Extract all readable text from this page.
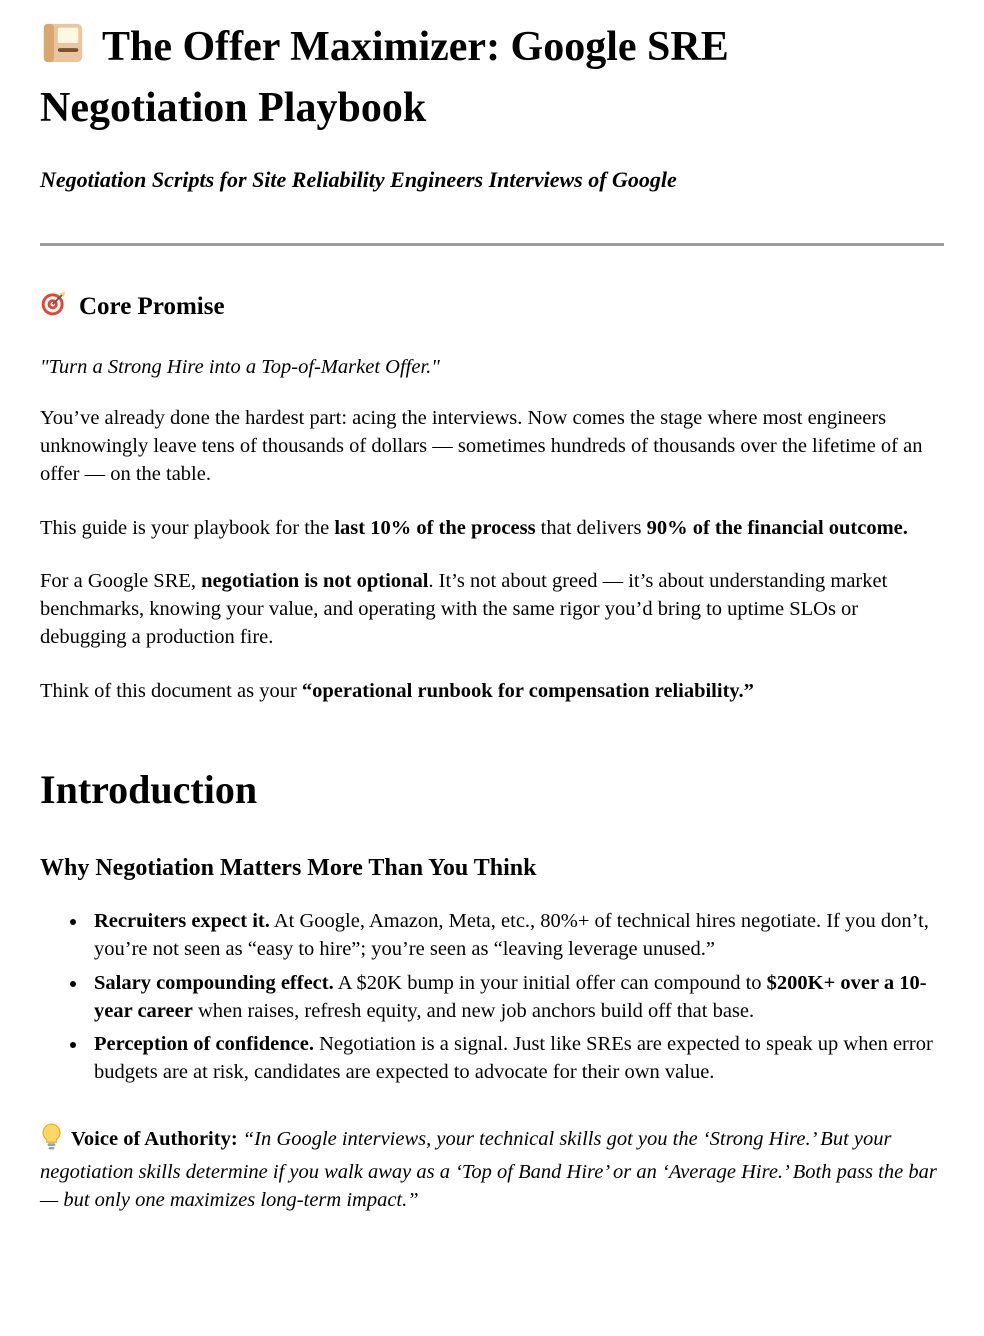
The Offer Maximizer: Google SRE Negotiation Playbook

Negotiation Scripts for Site Reliability Engineers Interviews of Google

Core Promise

"Turn a Strong Hire into a Top-of-Market Offer."

You’ve already done the hardest part: acing the interviews. Now comes the stage where most engineers unknowingly leave tens of thousands of dollars — sometimes hundreds of thousands over the lifetime of an offer — on the table.

This guide is your playbook for the last 10% of the process that delivers 90% of the financial outcome.

For a Google SRE, negotiation is not optional. It’s not about greed — it’s about understanding market benchmarks, knowing your value, and operating with the same rigor you’d bring to uptime SLOs or debugging a production fire.

Think of this document as your “operational runbook for compensation reliability.”

Introduction
Why Negotiation Matters More Than You Think
• Recruiters expect it. At Google, Amazon, Meta, etc., 80%+ of technical hires negotiate. If you don’t, you’re not seen as “easy to hire”; you’re seen as “leaving leverage unused.”
• Salary compounding effect. A $20K bump in your initial offer can compound to $200K+ over a 10-year career when raises, refresh equity, and new job anchors build off that base.
• Perception of confidence. Negotiation is a signal. Just like SREs are expected to speak up when error budgets are at risk, candidates are expected to advocate for their own value.

Voice of Authority: “In Google interviews, your technical skills got you the ‘Strong Hire.’ But your negotiation skills determine if you walk away as a ‘Top of Band Hire’ or an ‘Average Hire.’ Both pass the bar — but only one maximizes long-term impact.”
